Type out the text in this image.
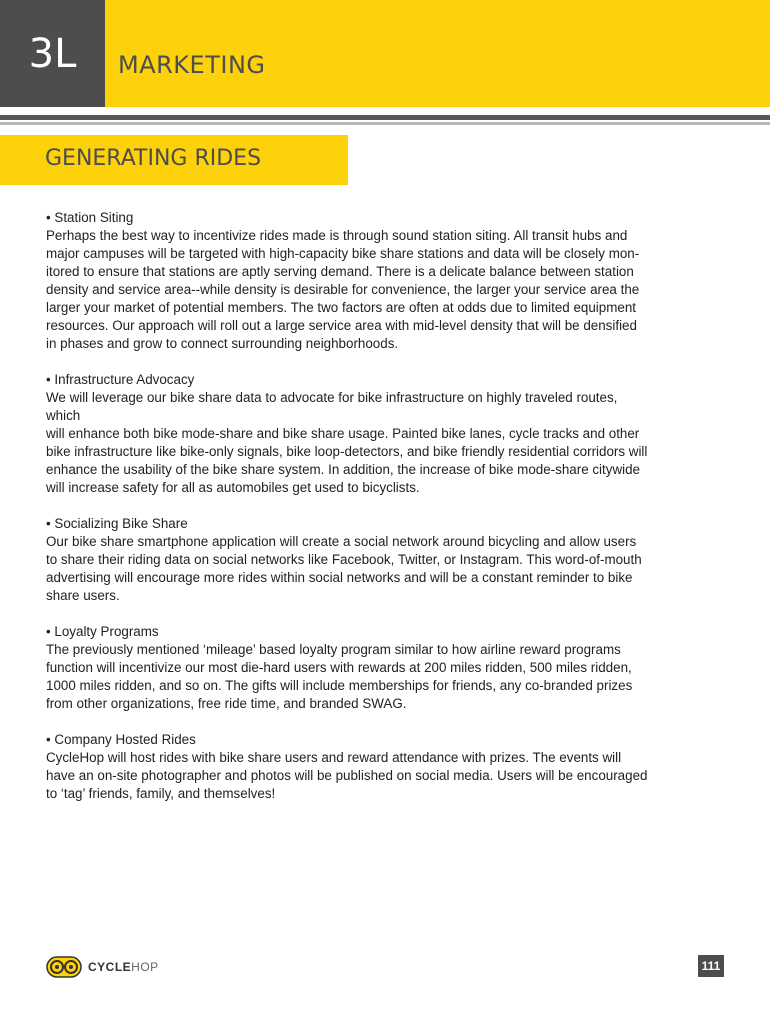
3L MARKETING
GENERATING RIDES
• Station Siting
Perhaps the best way to incentivize rides made is through sound station siting. All transit hubs and
major campuses will be targeted with high-capacity bike share stations and data will be closely mon-
itored to ensure that stations are aptly serving demand. There is a delicate balance between station
density and service area--while density is desirable for convenience, the larger your service area the
larger your market of potential members. The two factors are often at odds due to limited equipment
resources. Our approach will roll out a large service area with mid-level density that will be densified
in phases and grow to connect surrounding neighborhoods.
• Infrastructure Advocacy
We will leverage our bike share data to advocate for bike infrastructure on highly traveled routes,
which
will enhance both bike mode-share and bike share usage. Painted bike lanes, cycle tracks and other
bike infrastructure like bike-only signals, bike loop-detectors, and bike friendly residential corridors will
enhance the usability of the bike share system. In addition, the increase of bike mode-share citywide
will increase safety for all as automobiles get used to bicyclists.
• Socializing Bike Share
Our bike share smartphone application will create a social network around bicycling and allow users
to share their riding data on social networks like Facebook, Twitter, or Instagram. This word-of-mouth
advertising will encourage more rides within social networks and will be a constant reminder to bike
share users.
• Loyalty Programs
The previously mentioned ‘mileage’ based loyalty program similar to how airline reward programs
function will incentivize our most die-hard users with rewards at 200 miles ridden, 500 miles ridden,
1000 miles ridden, and so on. The gifts will include memberships for friends, any co-branded prizes
from other organizations, free ride time, and branded SWAG.
• Company Hosted Rides
CycleHop will host rides with bike share users and reward attendance with prizes. The events will
have an on-site photographer and photos will be published on social media. Users will be encouraged
to ‘tag’ friends, family, and themselves!
CYCLEHOP	111
